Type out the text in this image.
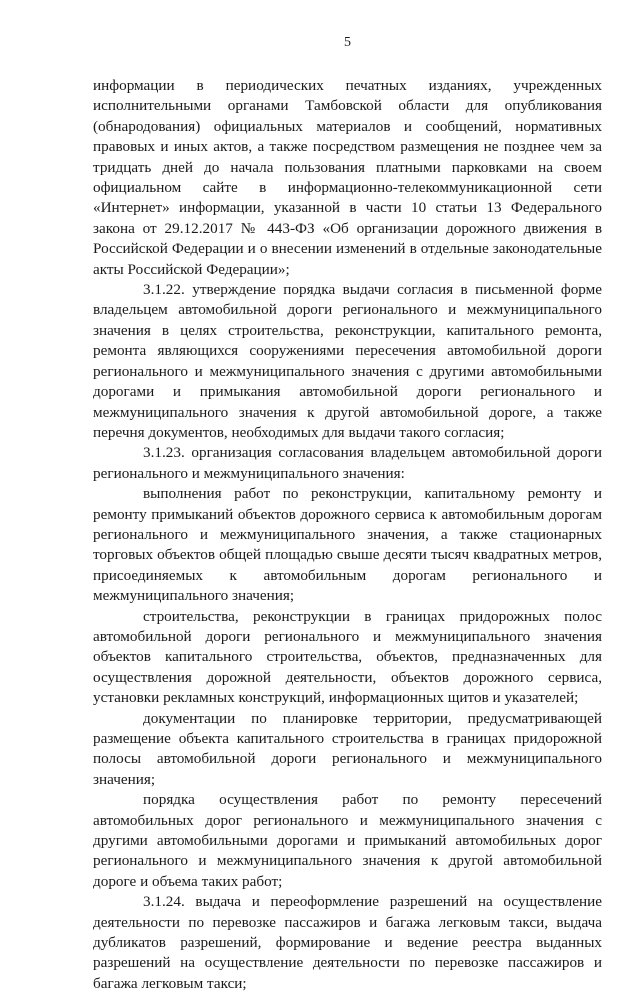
5

информации в периодических печатных изданиях, учрежденных исполнительными органами Тамбовской области для опубликования (обнародования) официальных материалов и сообщений, нормативных правовых и иных актов, а также посредством размещения не позднее чем за тридцать дней до начала пользования платными парковками на своем официальном сайте в информационно-телекоммуникационной сети «Интернет» информации, указанной в части 10 статьи 13 Федерального закона от 29.12.2017 № 443-ФЗ «Об организации дорожного движения в Российской Федерации и о внесении изменений в отдельные законодательные акты Российской Федерации»;

3.1.22. утверждение порядка выдачи согласия в письменной форме владельцем автомобильной дороги регионального и межмуниципального значения в целях строительства, реконструкции, капитального ремонта, ремонта являющихся сооружениями пересечения автомобильной дороги регионального и межмуниципального значения с другими автомобильными дорогами и примыкания автомобильной дороги регионального и межмуниципального значения к другой автомобильной дороге, а также перечня документов, необходимых для выдачи такого согласия;

3.1.23. организация согласования владельцем автомобильной дороги регионального и межмуниципального значения:

выполнения работ по реконструкции, капитальному ремонту и ремонту примыканий объектов дорожного сервиса к автомобильным дорогам регионального и межмуниципального значения, а также стационарных торговых объектов общей площадью свыше десяти тысяч квадратных метров, присоединяемых к автомобильным дорогам регионального и межмуниципального значения;

строительства, реконструкции в границах придорожных полос автомобильной дороги регионального и межмуниципального значения объектов капитального строительства, объектов, предназначенных для осуществления дорожной деятельности, объектов дорожного сервиса, установки рекламных конструкций, информационных щитов и указателей;

документации по планировке территории, предусматривающей размещение объекта капитального строительства в границах придорожной полосы автомобильной дороги регионального и межмуниципального значения;

порядка осуществления работ по ремонту пересечений автомобильных дорог регионального и межмуниципального значения с другими автомобильными дорогами и примыканий автомобильных дорог регионального и межмуниципального значения к другой автомобильной дороге и объема таких работ;

3.1.24. выдача и переоформление разрешений на осуществление деятельности по перевозке пассажиров и багажа легковым такси, выдача дубликатов разрешений, формирование и ведение реестра выданных разрешений на осуществление деятельности по перевозке пассажиров и багажа легковым такси;
